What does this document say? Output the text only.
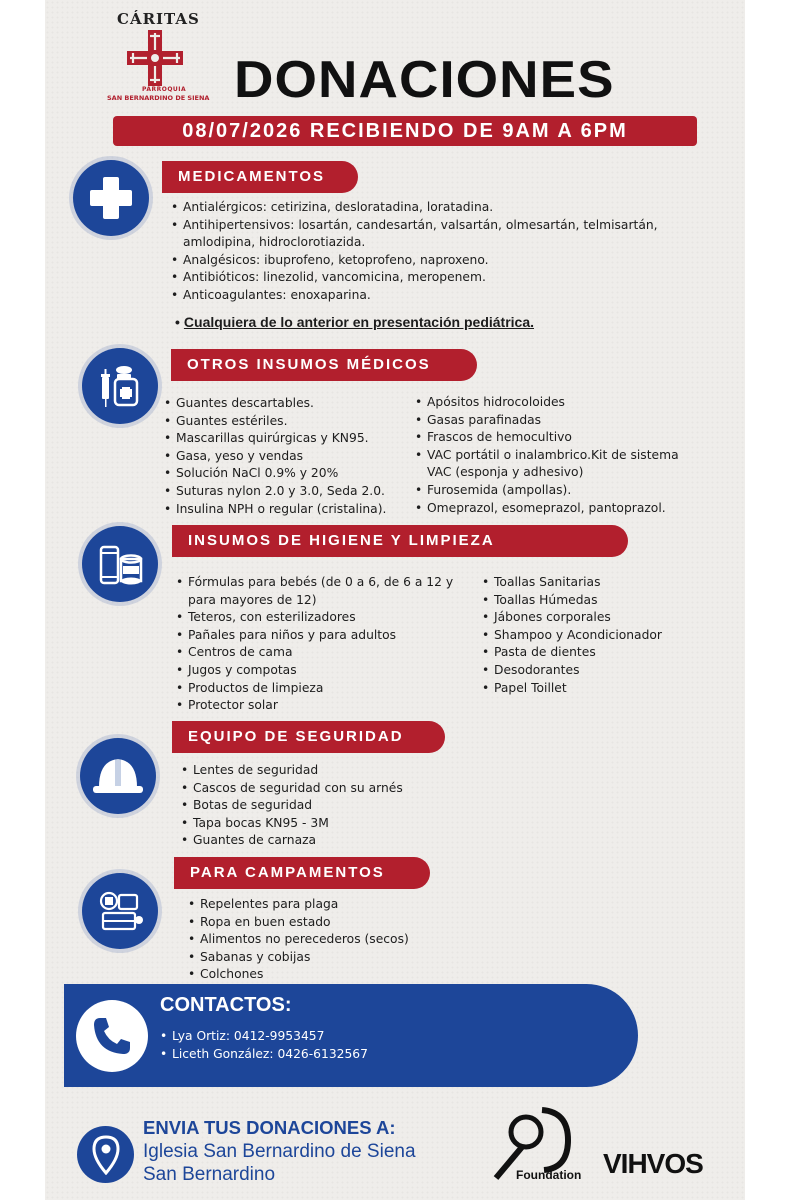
CÁRITAS
PARROQUIA
SAN BERNARDINO DE SIENA DONACIONES
08/07/2026 RECIBIENDO DE 9AM A 6PM
MEDICAMENTOS
• Antialérgicos: cetirizina, desloratadina, loratadina.
• Antihipertensivos: losartán, candesartán, valsartán, olmesartán, telmisartán, amlodipina, hidroclorotiazida.
• Analgésicos: ibuprofeno, ketoprofeno, naproxeno.
• Antibióticos: linezolid, vancomicina, meropenem.
• Anticoagulantes: enoxaparina.
• Cualquiera de lo anterior en presentación pediátrica.
OTROS INSUMOS MÉDICOS
• Guantes descartables.
• Guantes estériles.
• Mascarillas quirúrgicas y KN95.
• Gasa, yeso y vendas
• Solución NaCl 0.9% y 20%
• Suturas nylon 2.0 y 3.0, Seda 2.0.
• Insulina NPH o regular (cristalina).
• Apósitos hidrocoloides
• Gasas parafinadas
• Frascos de hemocultivo
• VAC portátil o inalambrico.Kit de sistema VAC (esponja y adhesivo)
• Furosemida (ampollas).
• Omeprazol, esomeprazol, pantoprazol.
INSUMOS DE HIGIENE Y LIMPIEZA
• Fórmulas para bebés (de 0 a 6, de 6 a 12 y para mayores de 12)
• Teteros, con esterilizadores
• Pañales para niños y para adultos
• Centros de cama
• Jugos y compotas
• Productos de limpieza
• Protector solar
• Toallas Sanitarias
• Toallas Húmedas
• Jábones corporales
• Shampoo y Acondicionador
• Pasta de dientes
• Desodorantes
• Papel Toillet
EQUIPO DE SEGURIDAD
• Lentes de seguridad
• Cascos de seguridad con su arnés
• Botas de seguridad
• Tapa bocas KN95 - 3M
• Guantes de carnaza
PARA CAMPAMENTOS
• Repelentes para plaga
• Ropa en buen estado
• Alimentos no perecederos (secos)
• Sabanas y cobijas
• Colchones
CONTACTOS:
• Lya Ortiz: 0412-9953457
• Liceth González: 0426-6132567
ENVIA TUS DONACIONES A:
Iglesia San Bernardino de Siena
San Bernardino	Foundation VIHVOS
